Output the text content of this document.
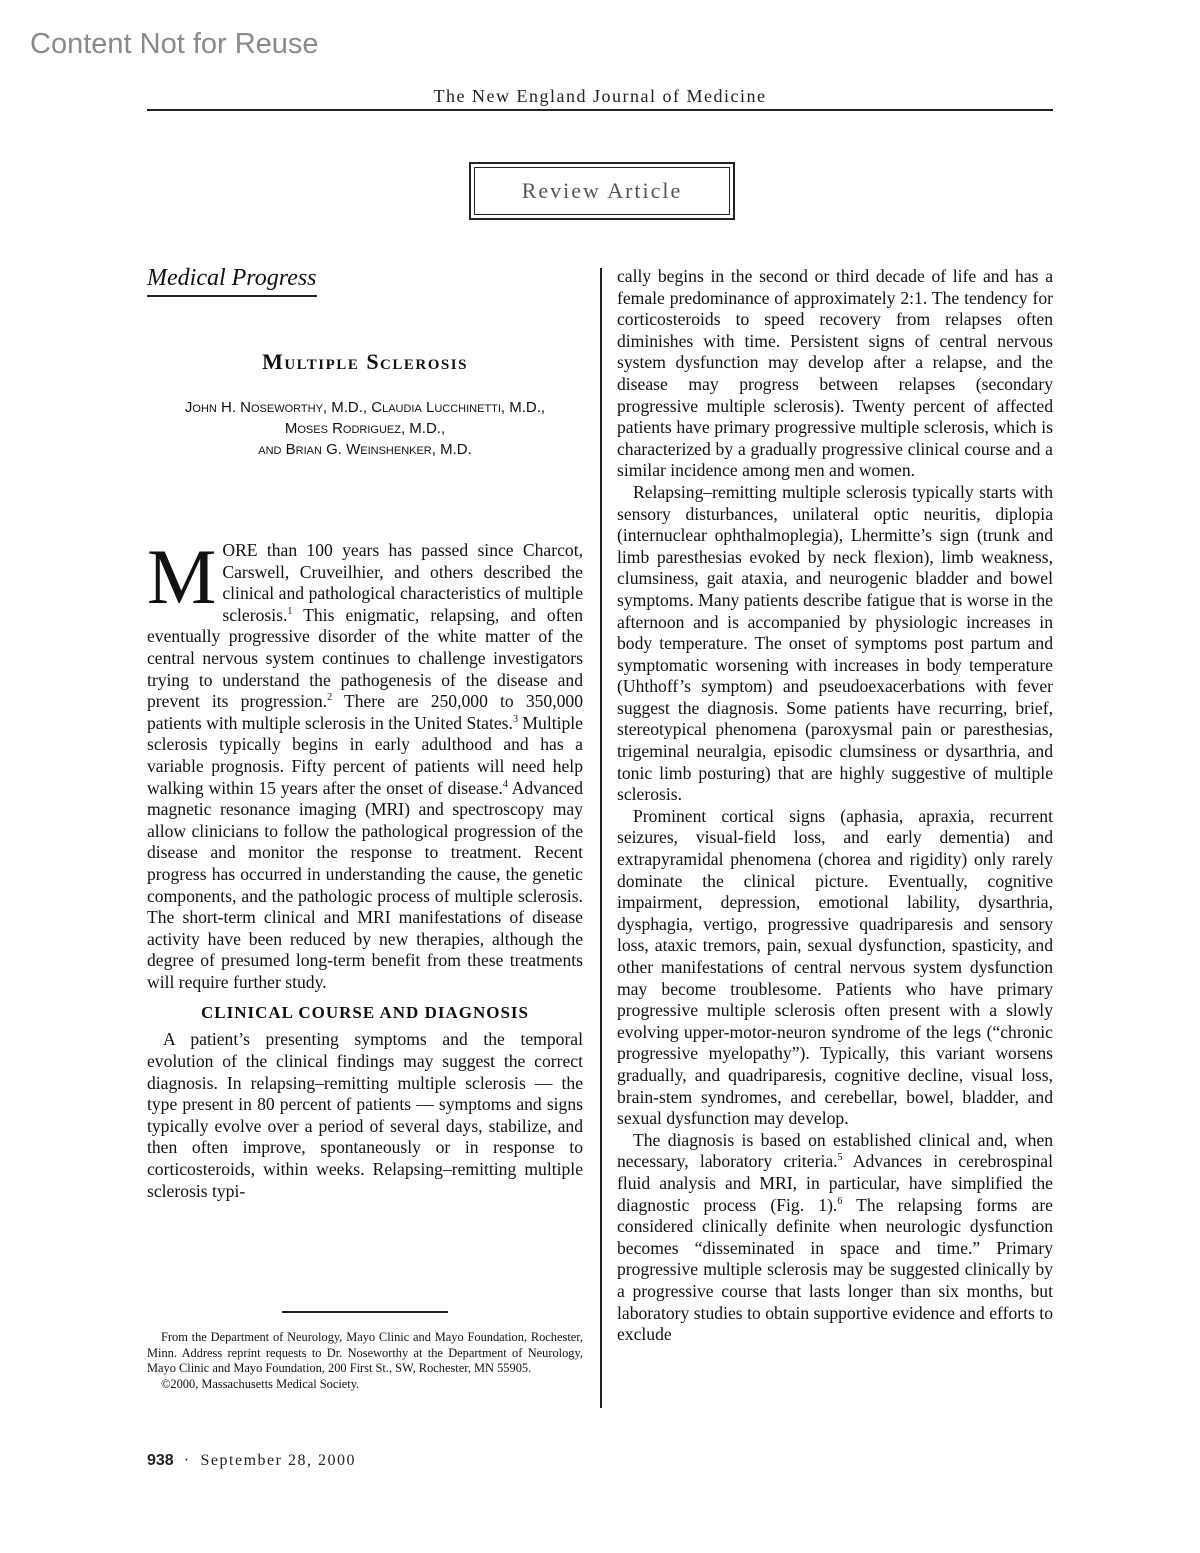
Content Not for Reuse
The New England Journal of Medicine
Review Article
Medical Progress
Multiple Sclerosis
John H. Noseworthy, M.D., Claudia Lucchinetti, M.D.,
Moses Rodriguez, M.D.,
and Brian G. Weinshenker, M.D.

MORE than 100 years has passed since Charcot, Carswell, Cruveilhier, and others described the clinical and pathological characteristics of multiple sclerosis.$^1$ This enigmatic, relapsing, and often eventually progressive disorder of the white matter of the central nervous system continues to challenge investigators trying to understand the pathogenesis of the disease and prevent its progression.$^2$ There are 250,000 to 350,000 patients with multiple sclerosis in the United States.$^3$ Multiple sclerosis typically begins in early adulthood and has a variable prognosis. Fifty percent of patients will need help walking within 15 years after the onset of disease.$^4$ Advanced magnetic resonance imaging (MRI) and spectroscopy may allow clinicians to follow the pathological progression of the disease and monitor the response to treatment. Recent progress has occurred in understanding the cause, the genetic components, and the pathologic process of multiple sclerosis. The short-term clinical and MRI manifestations of disease activity have been reduced by new therapies, although the degree of presumed long-term benefit from these treatments will require further study.

CLINICAL COURSE AND DIAGNOSIS

A patient’s presenting symptoms and the temporal evolution of the clinical findings may suggest the correct diagnosis. In relapsing–remitting multiple sclerosis — the type present in 80 percent of patients — symptoms and signs typically evolve over a period of several days, stabilize, and then often improve, spontaneously or in response to corticosteroids, within weeks. Relapsing–remitting multiple sclerosis typi-

cally begins in the second or third decade of life and has a female predominance of approximately 2:1. The tendency for corticosteroids to speed recovery from relapses often diminishes with time. Persistent signs of central nervous system dysfunction may develop after a relapse, and the disease may progress between relapses (secondary progressive multiple sclerosis). Twenty percent of affected patients have primary progressive multiple sclerosis, which is characterized by a gradually progressive clinical course and a similar incidence among men and women.

Relapsing–remitting multiple sclerosis typically starts with sensory disturbances, unilateral optic neuritis, diplopia (internuclear ophthalmoplegia), Lhermitte’s sign (trunk and limb paresthesias evoked by neck flexion), limb weakness, clumsiness, gait ataxia, and neurogenic bladder and bowel symptoms. Many patients describe fatigue that is worse in the afternoon and is accompanied by physiologic increases in body temperature. The onset of symptoms post partum and symptomatic worsening with increases in body temperature (Uhthoff’s symptom) and pseudoexacerbations with fever suggest the diagnosis. Some patients have recurring, brief, stereotypical phenomena (paroxysmal pain or paresthesias, trigeminal neuralgia, episodic clumsiness or dysarthria, and tonic limb posturing) that are highly suggestive of multiple sclerosis.

Prominent cortical signs (aphasia, apraxia, recurrent seizures, visual-field loss, and early dementia) and extrapyramidal phenomena (chorea and rigidity) only rarely dominate the clinical picture. Eventually, cognitive impairment, depression, emotional lability, dysarthria, dysphagia, vertigo, progressive quadriparesis and sensory loss, ataxic tremors, pain, sexual dysfunction, spasticity, and other manifestations of central nervous system dysfunction may become troublesome. Patients who have primary progressive multiple sclerosis often present with a slowly evolving upper-motor-neuron syndrome of the legs (“chronic progressive myelopathy”). Typically, this variant worsens gradually, and quadriparesis, cognitive decline, visual loss, brain-stem syndromes, and cerebellar, bowel, bladder, and sexual dysfunction may develop.

The diagnosis is based on established clinical and, when necessary, laboratory criteria.$^5$ Advances in cerebrospinal fluid analysis and MRI, in particular, have simplified the diagnostic process (Fig. 1).$^6$ The relapsing forms are considered clinically definite when neurologic dysfunction becomes “disseminated in space and time.” Primary progressive multiple sclerosis may be suggested clinically by a progressive course that lasts longer than six months, but laboratory studies to obtain supportive evidence and efforts to exclude

From the Department of Neurology, Mayo Clinic and Mayo Foundation, Rochester, Minn. Address reprint requests to Dr. Noseworthy at the Department of Neurology, Mayo Clinic and Mayo Foundation, 200 First St., SW, Rochester, MN 55905.

©2000, Massachusetts Medical Society.

938 · September 28, 2000
